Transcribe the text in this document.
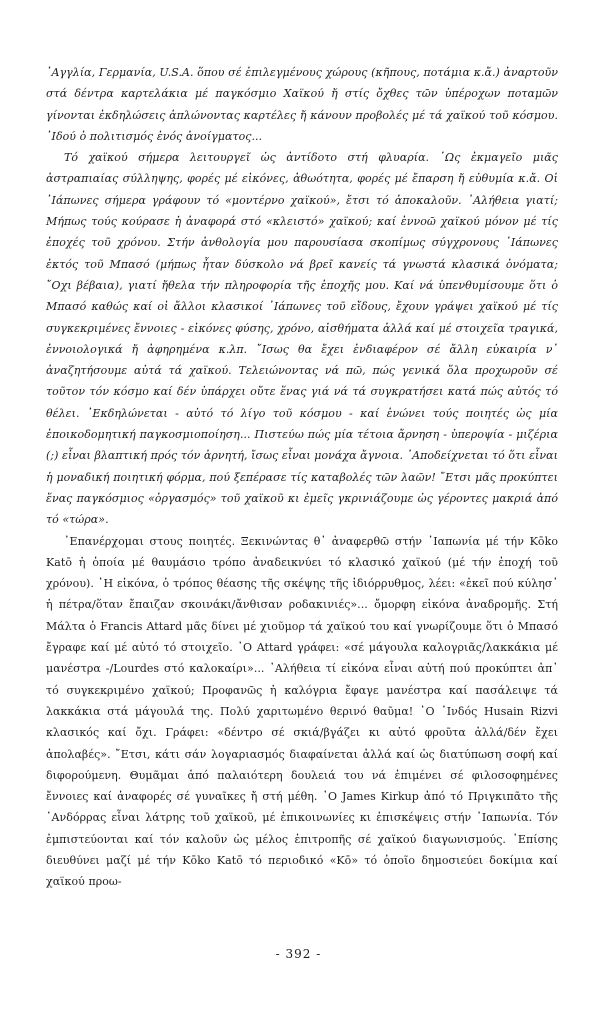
᾿Αγγλία, Γερμανία, U.S.A. ὅπου σέ ἐπιλεγμένους χώρους (κῆπους, ποτάμια κ.ἄ.) ἀναρτοῦν στά δέντρα καρτελάκια μέ παγκόσμιο Χαϊκού ἤ στίς ὄχθες τῶν ὑπέροχων ποταμῶν γίνονται ἐκδηλώσεις ἁπλώνοντας καρτέλες ἤ κάνουν προβολές μέ τά χαϊκού τοῦ κόσμου. ᾿Ιδού ὁ πολιτισμός ἑνός ἀνοίγματος...

Τό χαϊκού σήμερα λειτουργεῖ ὡς ἀντίδοτο στή φλυαρία. ῾Ως ἐκμαγεῖο μιᾶς ἀστραπιαίας σύλληψης, φορές μέ εἰκόνες, ἀθωότητα, φορές μέ ἔπαρση ἤ εὐθυμία κ.ἄ. Οἱ ᾿Ιάπωνες σήμερα γράφουν τό «μοντέρνο χαϊκού», ἔτσι τό ἀποκαλοῦν. ᾿Αλήθεια γιατί; Μήπως τούς κούρασε ἡ ἀναφορά στό «κλειστό» χαϊκού; καί ἐννοῶ χαϊκού μόνον μέ τίς ἐποχές τοῦ χρόνου. Στήν ἀνθολογία μου παρουσίασα σκοπίμως σύγχρονους ᾿Ιάπωνες ἐκτός τοῦ Μπασό (μήπως ἦταν δύσκολο νά βρεῖ κανείς τά γνωστά κλασικά ὀνόματα; ῎Οχι βέβαια), γιατί ἤθελα τήν πληροφορία τῆς ἐποχῆς μου. Καί νά ὑπενθυμίσουμε ὅτι ὁ Μπασό καθώς καί οἱ ἄλλοι κλασικοί ᾿Ιάπωνες τοῦ εἴδους, ἔχουν γράψει χαϊκού μέ τίς συγκεκριμένες ἔννοιες - εἰκόνες φύσης, χρόνο, αἰσθήματα ἀλλά καί μέ στοιχεῖα τραγικά, ἐννοιολογικά ἤ ἀφηρημένα κ.λπ. ῎Ισως θα ἔχει ἐνδιαφέρον σέ ἄλλη εὐκαιρία ν᾿ ἀναζητήσουμε αὐτά τά χαϊκού. Τελειώνοντας νά πῶ, πώς γενικά ὅλα προχωροῦν σέ τοῦτον τόν κόσμο καί δέν ὑπάρχει οὔτε ἕνας γιά νά τά συγκρατήσει κατά πώς αὐτός τό θέλει. ᾿Εκδηλώνεται - αὐτό τό λίγο τοῦ κόσμου - καί ἑνώνει τούς ποιητές ὡς μία ἐποικοδομητική παγκοσμιοποίηση... Πιστεύω πώς μία τέτοια ἄρνηση - ὑπεροψία - μιζέρια (;) εἶναι βλαπτική πρός τόν ἀρνητή, ἴσως εἶναι μονάχα ἄγνοια. ᾿Αποδείχνεται τό ὅτι εἶναι ἡ μοναδική ποιητική φόρμα, πού ξεπέρασε τίς καταβολές τῶν λαῶν! ῎Ετσι μᾶς προκύπτει ἕνας παγκόσμιος «ὀργασμός» τοῦ χαϊκοῦ κι ἐμεῖς γκρινιάζουμε ὡς γέροντες μακριά ἀπό τό «τώρα».

᾿Επανέρχομαι στους ποιητές. Ξεκινώντας θ᾿ ἀναφερθῶ στήν ᾿Ιαπωνία μέ τήν Kōko Katō ἡ ὁποία μέ θαυμάσιο τρόπο ἀναδεικνύει τό κλασικό χαϊκού (μέ τήν ἐποχή τοῦ χρόνου). ῾Η εἰκόνα, ὁ τρόπος θέασης τῆς σκέψης τῆς ἰδιόρρυθμος, λέει: «ἐκεῖ πού κύλησ᾿ ἡ πέτρα/ὅταν ἔπαιζαν σκοινάκι/ἄνθισαν ροδακινιές»... ὄμορφη εἰκόνα ἀναδρομῆς. Στή Μάλτα ὁ Francis Attard μᾶς δίνει μέ χιοῦμορ τά χαϊκού του καί γνωρίζουμε ὅτι ὁ Μπασό ἔγραφε καί μέ αὐτό τό στοιχεῖο. ῾Ο Attard γράφει: «σέ μάγουλα καλογριᾶς/λακκάκια μέ μανέστρα -/Lourdes στό καλοκαίρι»... ᾿Αλήθεια τί εἰκόνα εἶναι αὐτή πού προκύπτει ἀπ᾿ τό συγκεκριμένο χαϊκού; Προφανῶς ἡ καλόγρια ἔφαγε μανέστρα καί πασάλειψε τά λακκάκια στά μάγουλά της. Πολύ χαριτωμένο θερινό θαῦμα! ῾Ο ᾿Ινδός Husain Rizvi κλασικός καί ὄχι. Γράφει: «δέντρο σέ σκιά/βγάζει κι αὐτό φροῦτα ἀλλά/δέν ἔχει ἀπολαβές». ῎Ετσι, κάτι σάν λογαριασμός διαφαίνεται ἀλλά καί ὡς διατύπωση σοφή καί διφορούμενη. Θυμᾶμαι ἀπό παλαιότερη δουλειά του νά ἐπιμένει σέ φιλοσοφημένες ἔννοιες καί ἀναφορές σέ γυναῖκες ἤ στή μέθη. ῾Ο James Kirkup ἀπό τό Πριγκιπᾶτο τῆς ᾿Ανδόρρας εἶναι λάτρης τοῦ χαϊκοῦ, μέ ἐπικοινωνίες κι ἐπισκέψεις στήν ᾿Ιαπωνία. Τόν ἐμπιστεύονται καί τόν καλοῦν ὡς μέλος ἐπιτροπῆς σέ χαϊκού διαγωνισμούς. ᾿Επίσης διευθύνει μαζί μέ τήν Kōko Katō τό περιοδικό «Kō» τό ὁποῖο δημοσιεύει δοκίμια καί χαϊκού προω-

- 392 -
